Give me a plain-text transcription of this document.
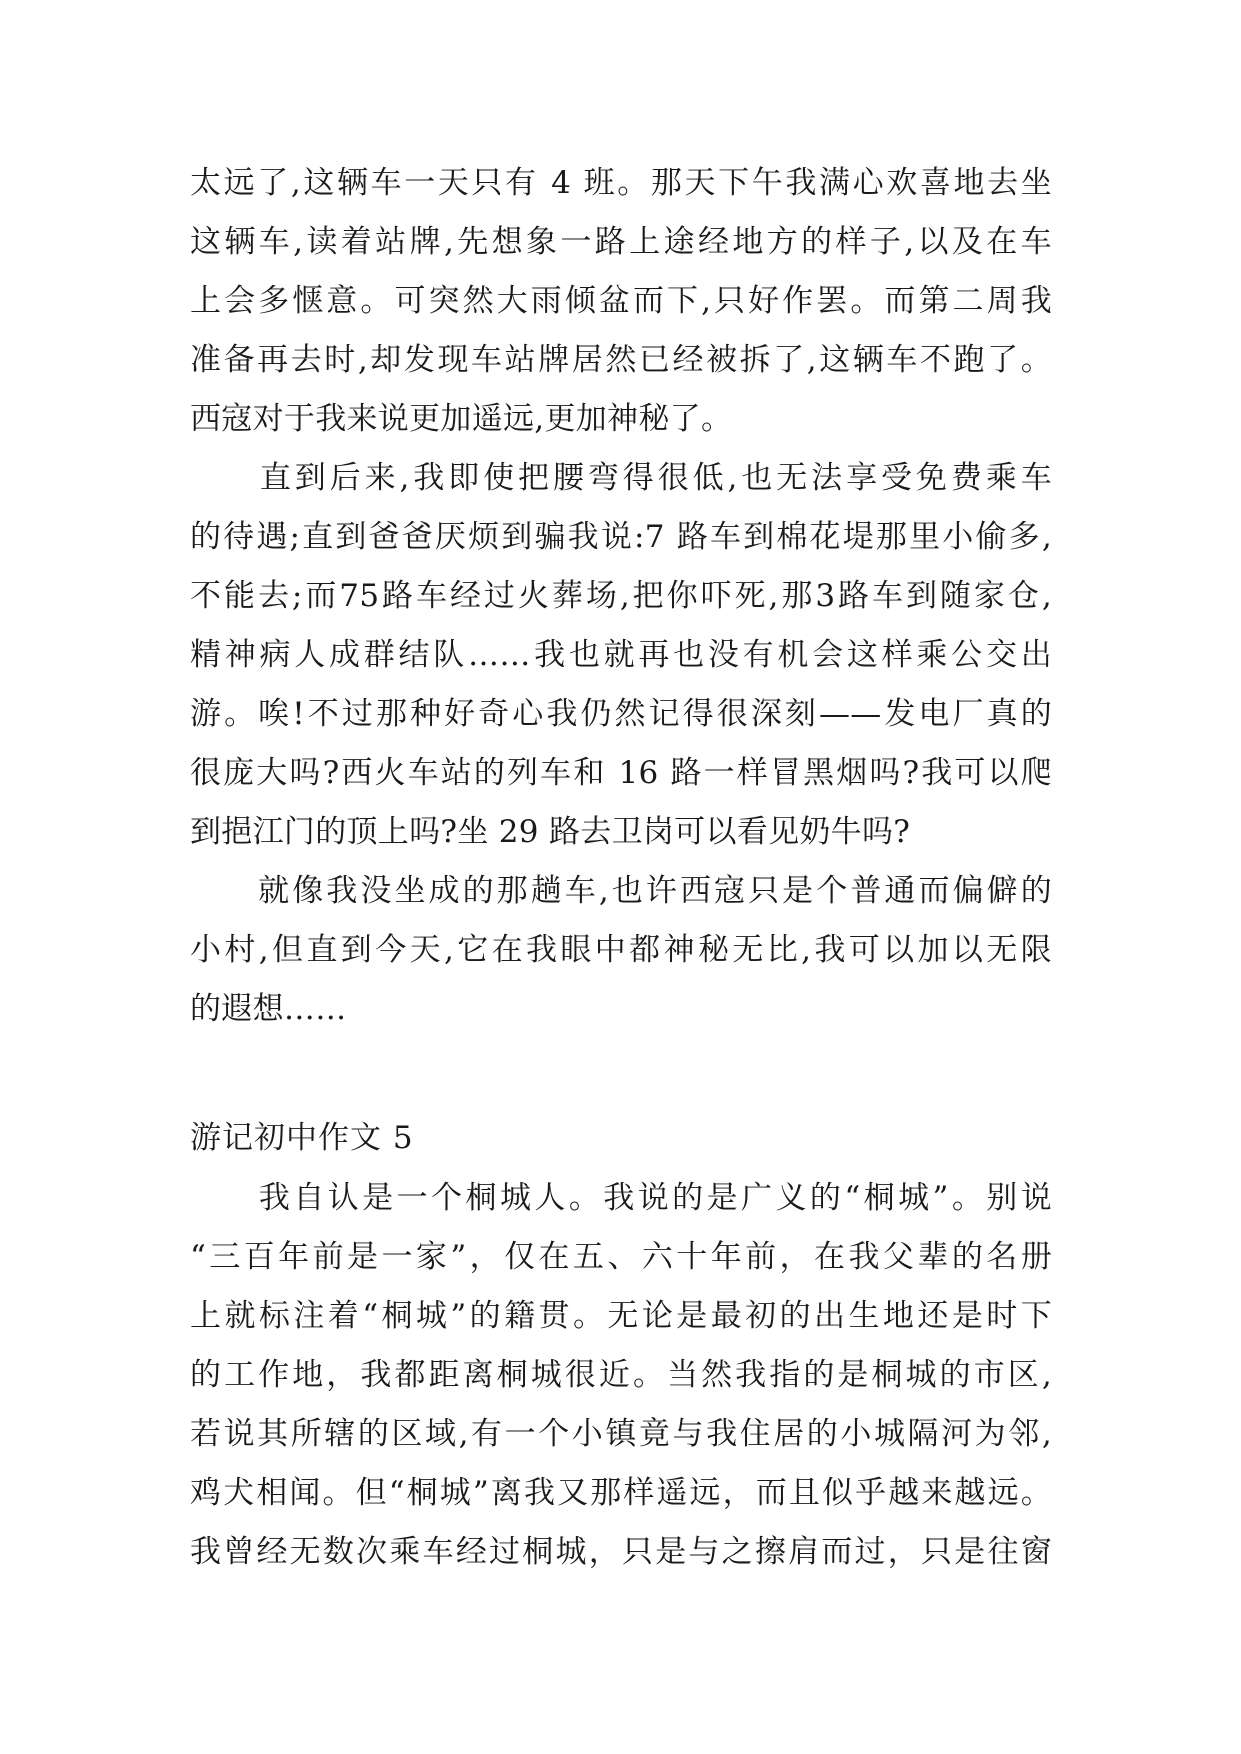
太远了,这辆车一天只有 4 班。那天下午我满心欢喜地去坐
这辆车,读着站牌,先想象一路上途经地方的样子,以及在车
上会多惬意。可突然大雨倾盆而下,只好作罢。而第二周我
准备再去时,却发现车站牌居然已经被拆了,这辆车不跑了。
西寇对于我来说更加遥远,更加神秘了。
　　直到后来,我即使把腰弯得很低,也无法享受免费乘车
的待遇;直到爸爸厌烦到骗我说:7 路车到棉花堤那里小偷多,
不能去;而75路车经过火葬场,把你吓死,那3路车到随家仓,
精神病人成群结队……我也就再也没有机会这样乘公交出
游。唉!不过那种好奇心我仍然记得很深刻——发电厂真的
很庞大吗?西火车站的列车和 16 路一样冒黑烟吗?我可以爬
到挹江门的顶上吗?坐 29 路去卫岗可以看见奶牛吗?
　　就像我没坐成的那趟车,也许西寇只是个普通而偏僻的
小村,但直到今天,它在我眼中都神秘无比,我可以加以无限
的遐想……
游记初中作文 5
　　我自认是一个桐城人。我说的是广义的“桐城”。别说
“三百年前是一家”，仅在五、六十年前，在我父辈的名册
上就标注着“桐城”的籍贯。无论是最初的出生地还是时下
的工作地，我都距离桐城很近。当然我指的是桐城的市区,
若说其所辖的区域,有一个小镇竟与我住居的小城隔河为邻,
鸡犬相闻。但“桐城”离我又那样遥远，而且似乎越来越远。
我曾经无数次乘车经过桐城，只是与之擦肩而过，只是往窗
